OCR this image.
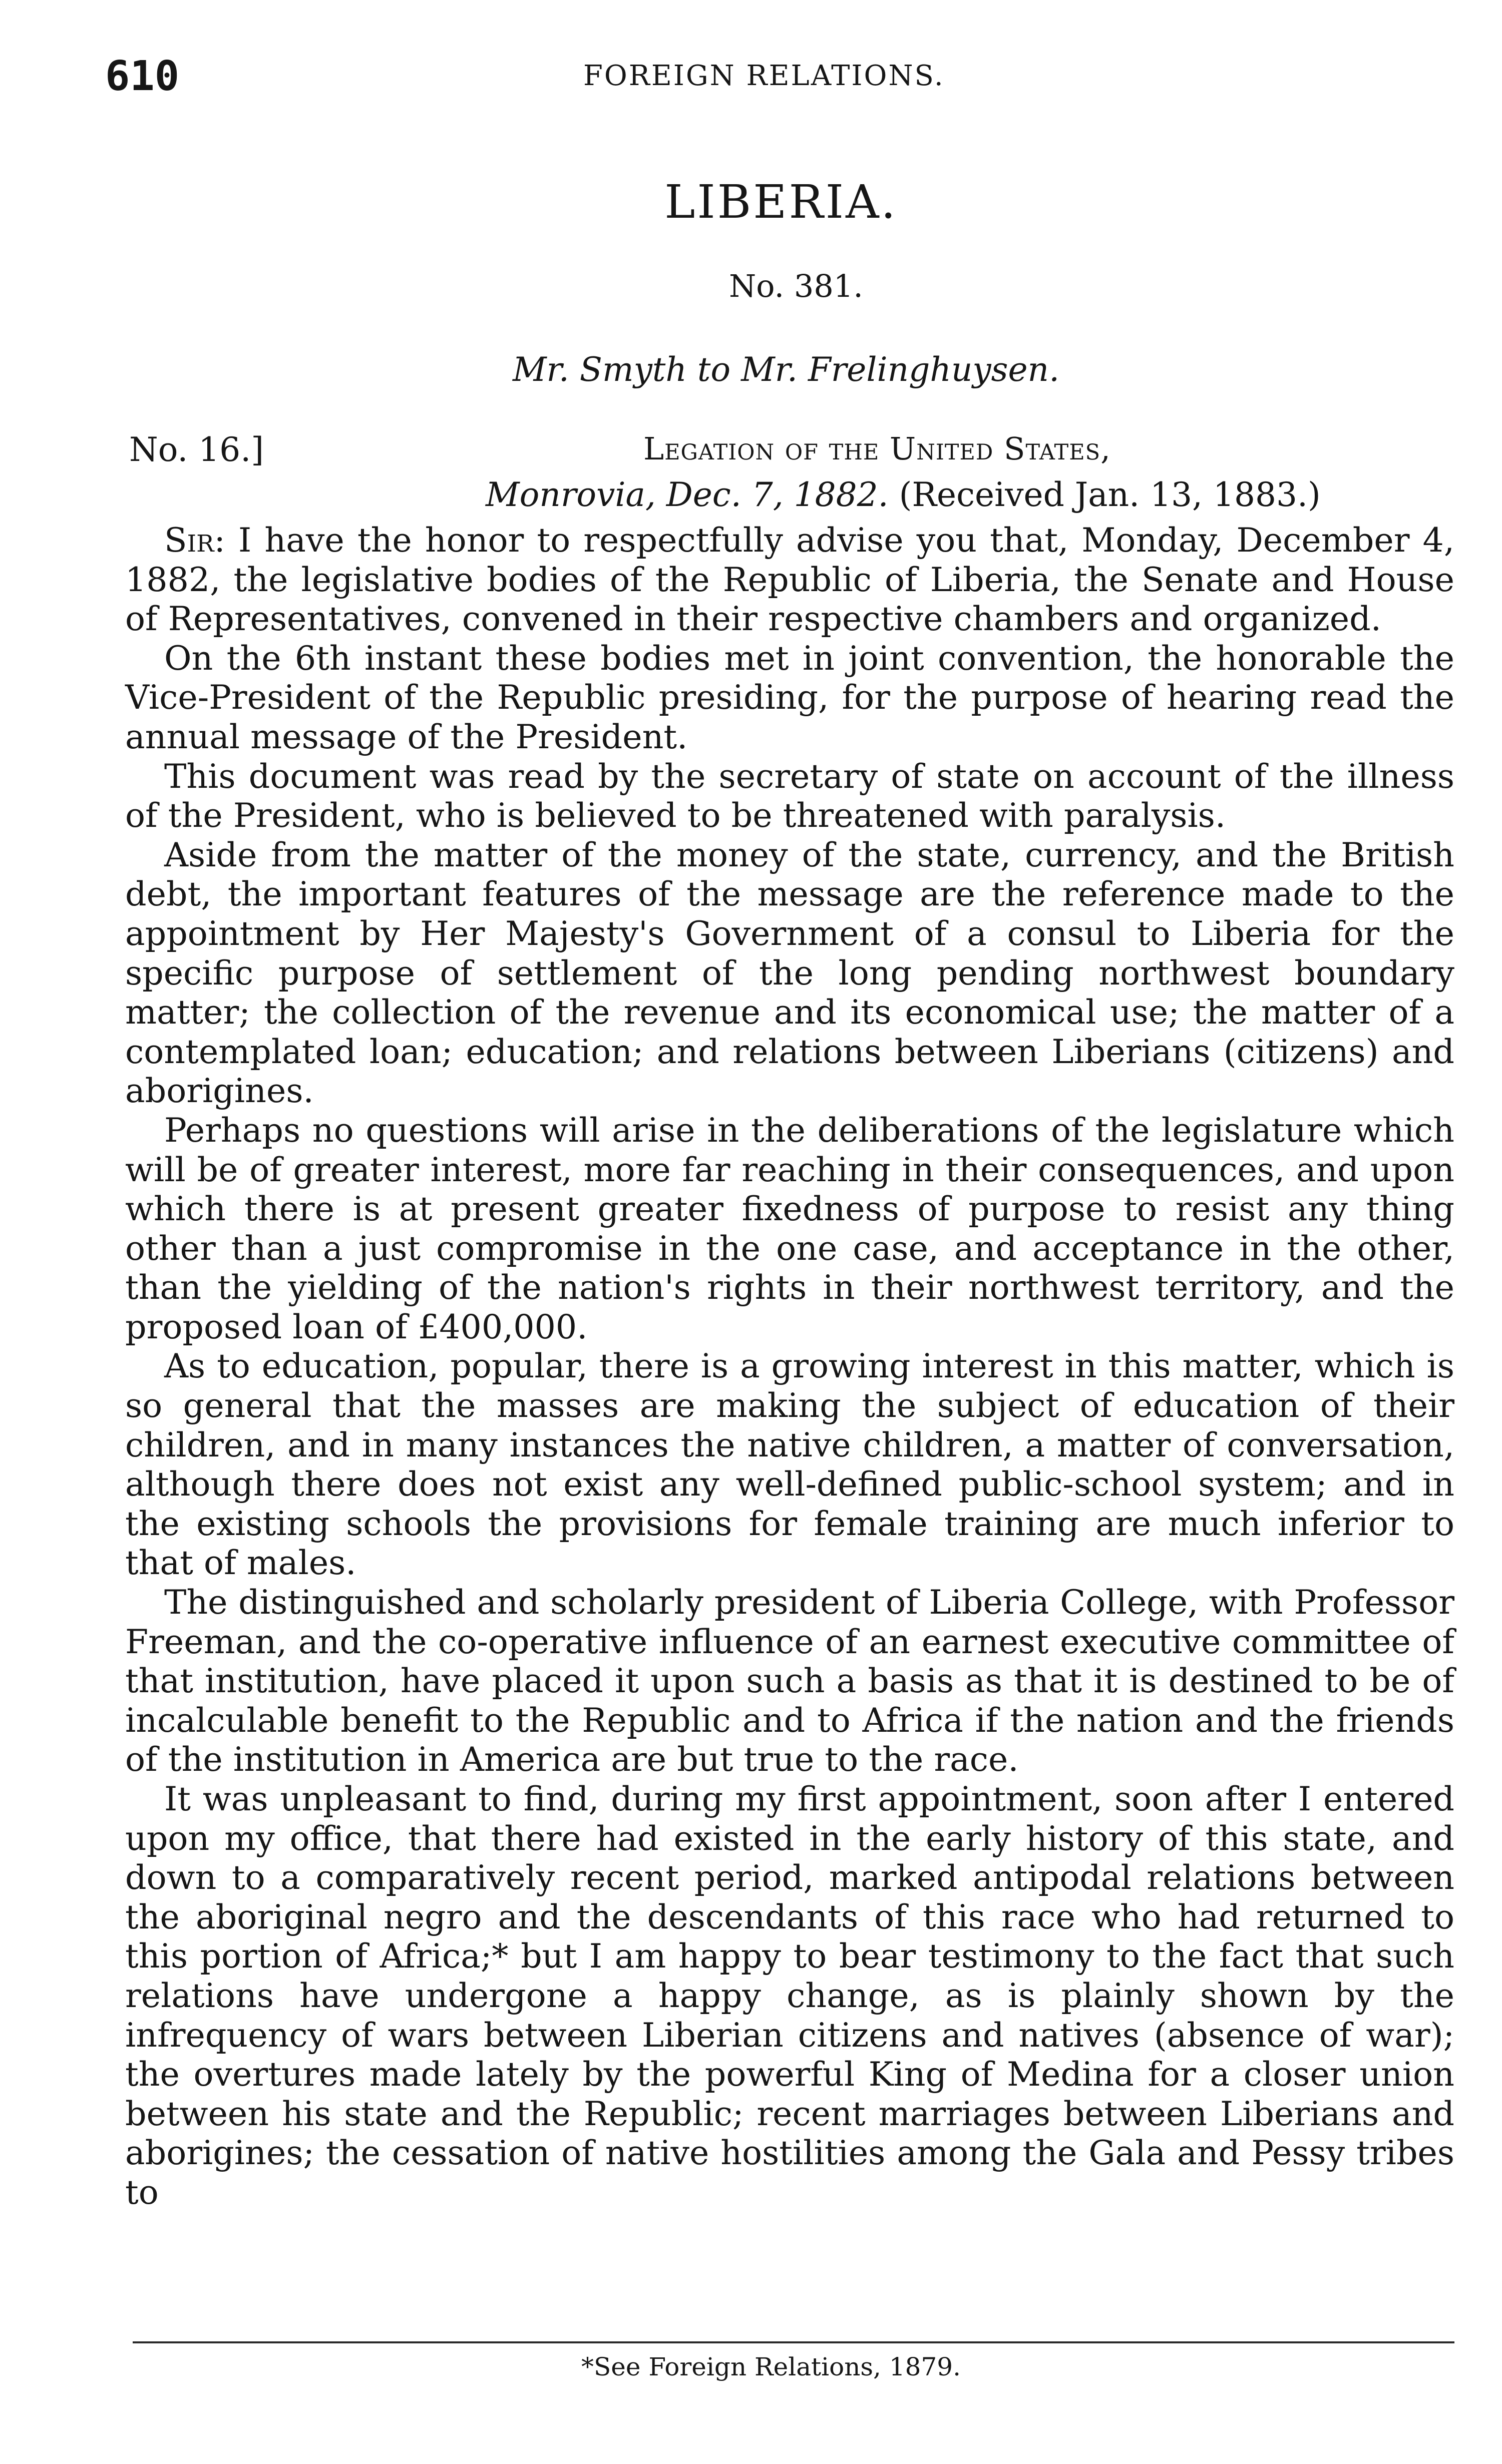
610	FOREIGN RELATIONS.
LIBERIA.
No. 381.
Mr. Smyth to Mr. Frelinghuysen.
No. 16.]	Legation of the United States,
Monrovia, Dec. 7, 1882. (Received Jan. 13, 1883.)

Sir: I have the honor to respectfully advise you that, Monday, December 4, 1882, the legislative bodies of the Republic of Liberia, the Senate and House of Representatives, convened in their respective chambers and organized.

On the 6th instant these bodies met in joint convention, the honorable the Vice-President of the Republic presiding, for the purpose of hearing read the annual message of the President.

This document was read by the secretary of state on account of the illness of the President, who is believed to be threatened with paralysis.

Aside from the matter of the money of the state, currency, and the British debt, the important features of the message are the reference made to the appointment by Her Majesty's Government of a consul to Liberia for the specific purpose of settlement of the long pending northwest boundary matter; the collection of the revenue and its economical use; the matter of a contemplated loan; education; and relations between Liberians (citizens) and aborigines.

Perhaps no questions will arise in the deliberations of the legislature which will be of greater interest, more far reaching in their consequences, and upon which there is at present greater fixedness of purpose to resist any thing other than a just compromise in the one case, and acceptance in the other, than the yielding of the nation's rights in their northwest territory, and the proposed loan of £400,000.

As to education, popular, there is a growing interest in this matter, which is so general that the masses are making the subject of education of their children, and in many instances the native children, a matter of conversation, although there does not exist any well-defined public-school system; and in the existing schools the provisions for female training are much inferior to that of males.

The distinguished and scholarly president of Liberia College, with Professor Freeman, and the co-operative influence of an earnest executive committee of that institution, have placed it upon such a basis as that it is destined to be of incalculable benefit to the Republic and to Africa if the nation and the friends of the institution in America are but true to the race.

It was unpleasant to find, during my first appointment, soon after I entered upon my office, that there had existed in the early history of this state, and down to a comparatively recent period, marked antipodal relations between the aboriginal negro and the descendants of this race who had returned to this portion of Africa;* but I am happy to bear testimony to the fact that such relations have undergone a happy change, as is plainly shown by the infrequency of wars between Liberian citizens and natives (absence of war); the overtures made lately by the powerful King of Medina for a closer union between his state and the Republic; recent marriages between Liberians and aborigines; the cessation of native hostilities among the Gala and Pessy tribes to

*See Foreign Relations, 1879.
